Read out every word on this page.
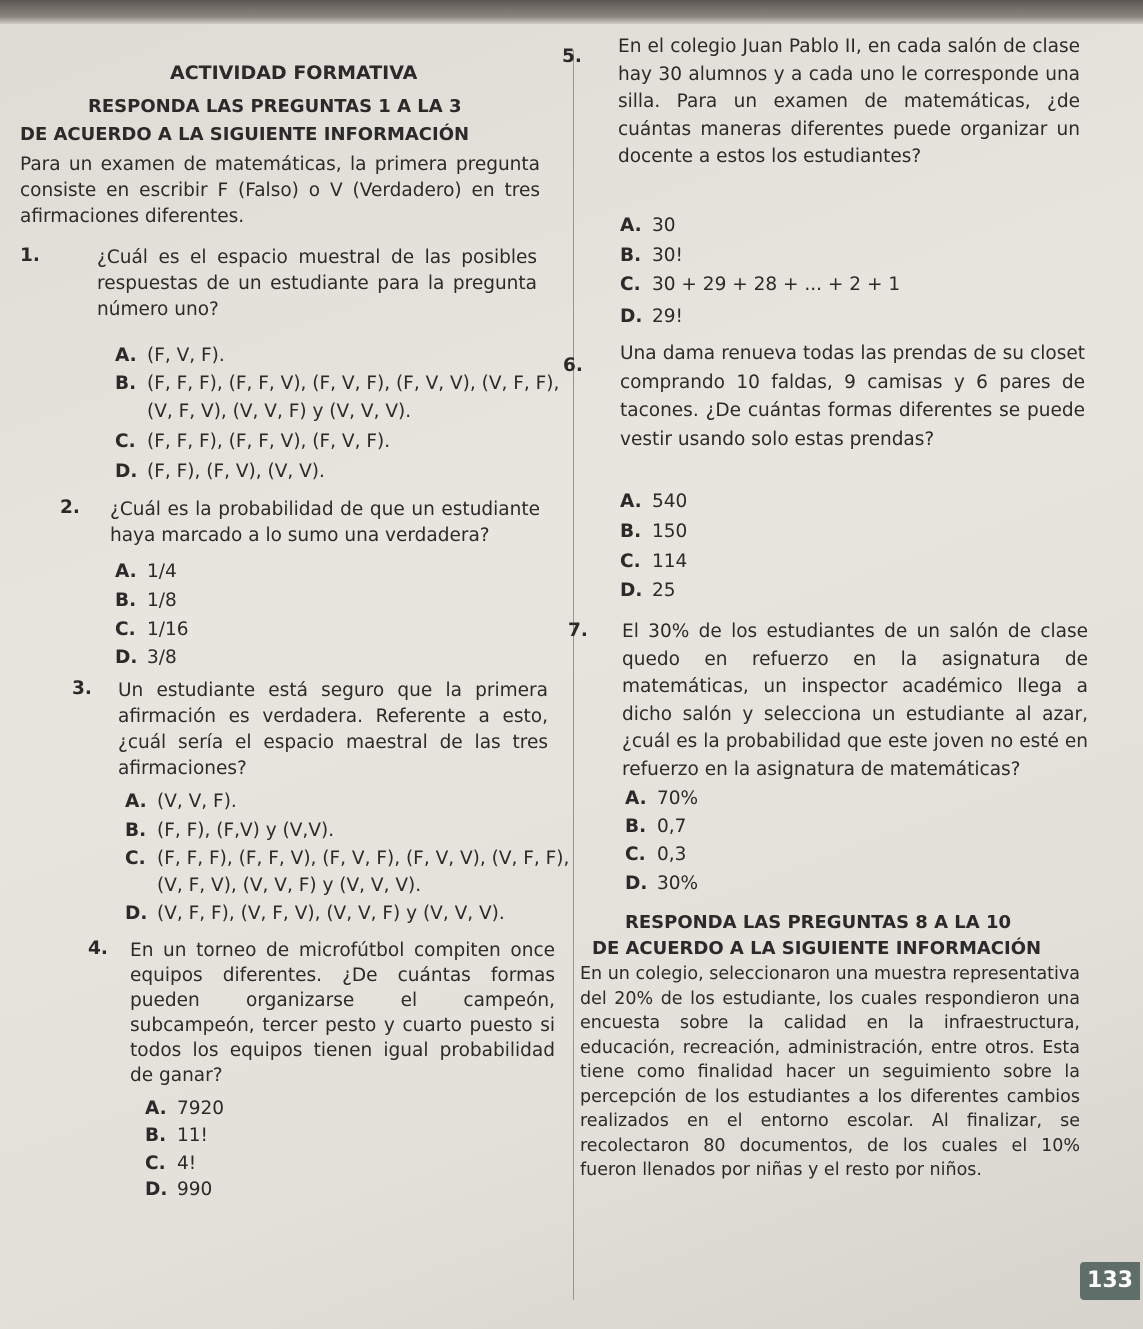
ACTIVIDAD FORMATIVA
RESPONDA LAS PREGUNTAS 1 A LA 3
DE ACUERDO A LA SIGUIENTE INFORMACIÓN
Para un examen de matemáticas, la primera pregunta consiste en escribir F (Falso) o V (Verdadero) en tres afirmaciones diferentes.
1.	¿Cuál es el espacio muestral de las posibles respuestas de un estudiante para la pregunta número uno?
A. (F, V, F).
B. (F, F, F), (F, F, V), (F, V, F), (F, V, V), (V, F, F),
(V, F, V), (V, V, F) y (V, V, V).
C. (F, F, F), (F, F, V), (F, V, F).
D. (F, F), (F, V), (V, V).
2. ¿Cuál es la probabilidad de que un estudiante haya marcado a lo sumo una verdadera?
A. 1/4
B. 1/8
C. 1/16
D. 3/8
3. Un estudiante está seguro que la primera afirmación es verdadera. Referente a esto, ¿cuál sería el espacio maestral de las tres afirmaciones?
A. (V, V, F).
B. (F, F), (F,V) y (V,V).
C. (F, F, F), (F, F, V), (F, V, F), (F, V, V), (V, F, F),
(V, F, V), (V, V, F) y (V, V, V).
D. (V, F, F), (V, F, V), (V, V, F) y (V, V, V).
4. En un torneo de microfútbol compiten once equipos diferentes. ¿De cuántas formas pueden organizarse el campeón, subcampeón, tercer pesto y cuarto puesto si todos los equipos tienen igual probabilidad de ganar?
A. 7920
B. 11!
C. 4!
D. 990
5. En el colegio Juan Pablo II, en cada salón de clase hay 30 alumnos y a cada uno le corresponde una silla. Para un examen de matemáticas, ¿de cuántas maneras diferentes puede organizar un docente a estos los estudiantes?
A. 30
B. 30!
C. 30 + 29 + 28 + ... + 2 + 1
D. 29!
6.
Una dama renueva todas las prendas de su closet comprando 10 faldas, 9 camisas y 6 pares de tacones. ¿De cuántas formas diferentes se puede vestir usando solo estas prendas?
A. 540
B. 150
C. 114
D. 25
7. El 30% de los estudiantes de un salón de clase quedo en refuerzo en la asignatura de matemáticas, un inspector académico llega a dicho salón y selecciona un estudiante al azar, ¿cuál es la probabilidad que este joven no esté en refuerzo en la asignatura de matemáticas?
A. 70%
B. 0,7
C. 0,3
D. 30%
RESPONDA LAS PREGUNTAS 8 A LA 10
DE ACUERDO A LA SIGUIENTE INFORMACIÓN
En un colegio, seleccionaron una muestra representativa del 20% de los estudiante, los cuales respondieron una encuesta sobre la calidad en la infraestructura, educación, recreación, administración, entre otros. Esta tiene como finalidad hacer un seguimiento sobre la percepción de los estudiantes a los diferentes cambios realizados en el entorno escolar. Al finalizar, se recolectaron 80 documentos, de los cuales el 10% fueron llenados por niñas y el resto por niños.
133
